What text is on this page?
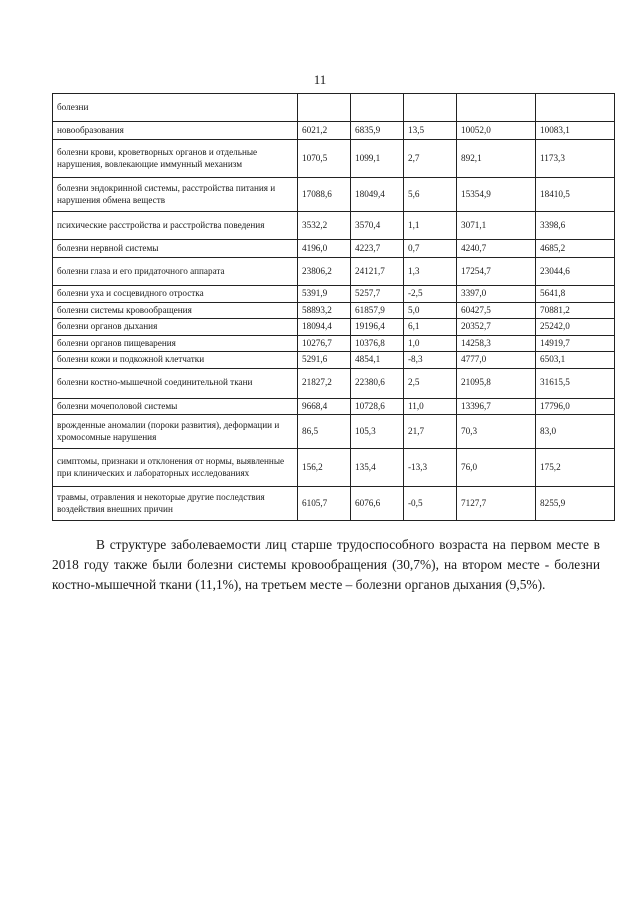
11
болезни					
новообразования	6021,2	6835,9	13,5	10052,0	10083,1
болезни крови, кроветворных органов и отдельные нарушения, вовлекающие иммунный механизм	1070,5	1099,1	2,7	892,1	1173,3
болезни эндокринной системы, расстройства питания и нарушения обмена веществ	17088,6	18049,4	5,6	15354,9	18410,5
психические расстройства и расстройства поведения	3532,2	3570,4	1,1	3071,1	3398,6
болезни нервной системы	4196,0	4223,7	0,7	4240,7	4685,2
болезни глаза и его придаточного аппарата	23806,2	24121,7	1,3	17254,7	23044,6
болезни уха и сосцевидного отростка	5391,9	5257,7	-2,5	3397,0	5641,8
болезни системы кровообращения	58893,2	61857,9	5,0	60427,5	70881,2
болезни органов дыхания	18094,4	19196,4	6,1	20352,7	25242,0
болезни органов пищеварения	10276,7	10376,8	1,0	14258,3	14919,7
болезни кожи и подкожной клетчатки	5291,6	4854,1	-8,3	4777,0	6503,1
болезни костно-мышечной соединительной ткани	21827,2	22380,6	2,5	21095,8	31615,5
болезни мочеполовой системы	9668,4	10728,6	11,0	13396,7	17796,0
врожденные аномалии (пороки развития), деформации и хромосомные нарушения	86,5	105,3	21,7	70,3	83,0
симптомы, признаки и отклонения от нормы, выявленные при клинических и лабораторных исследованиях	156,2	135,4	-13,3	76,0	175,2
травмы, отравления и некоторые другие последствия воздействия внешних причин	6105,7	6076,6	-0,5	7127,7	8255,9

В структуре заболеваемости лиц старше трудоспособного возраста на первом месте в 2018 году также были болезни системы кровообращения (30,7%), на втором месте - болезни костно-мышечной ткани (11,1%), на третьем месте – болезни органов дыхания (9,5%).
